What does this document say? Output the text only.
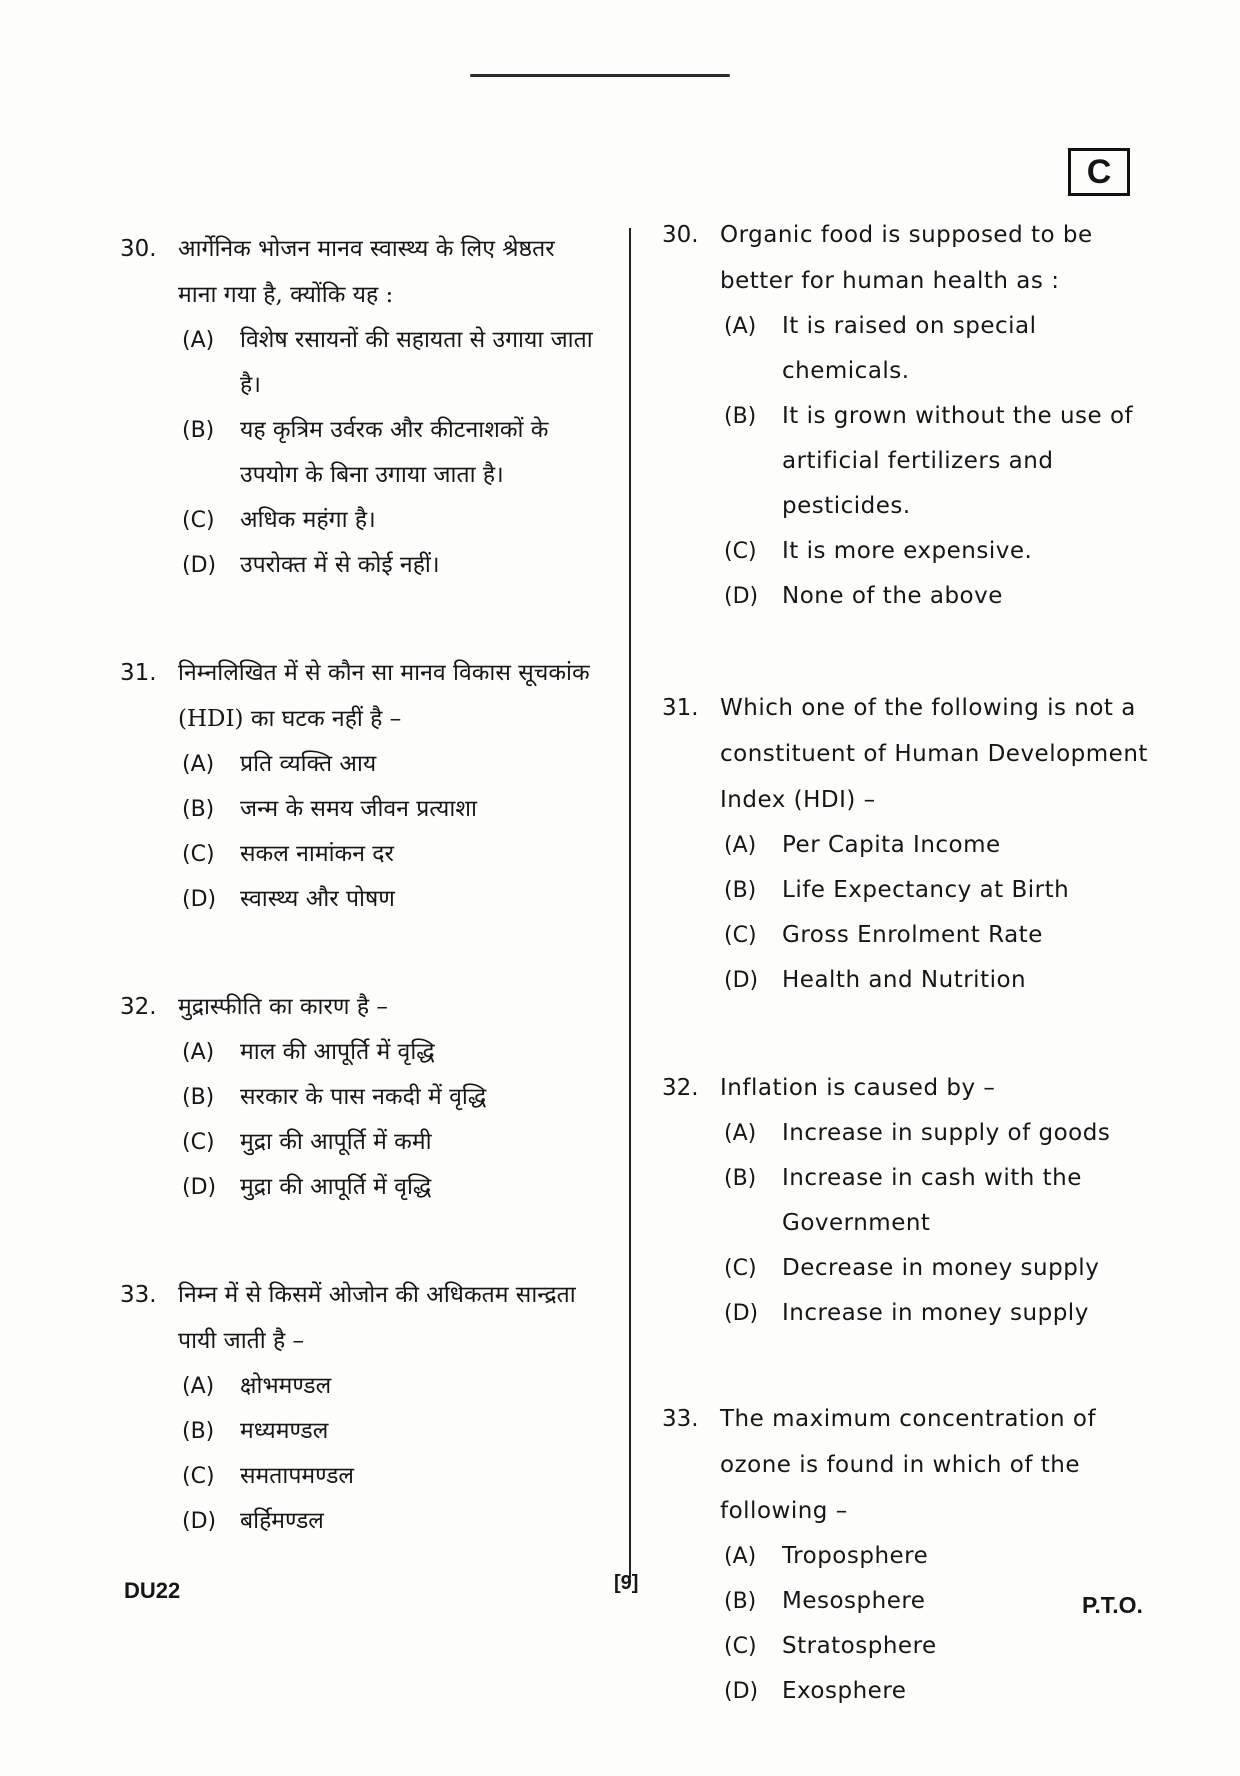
C
30. आर्गेनिक भोजन मानव स्वास्थ्य के लिए श्रेष्ठतर माना गया है, क्योंकि यह :
(A)	विशेष रसायनों की सहायता से उगाया जाता है।
(B)	यह कृत्रिम उर्वरक और कीटनाशकों के उपयोग के बिना उगाया जाता है।
(C)	अधिक महंगा है।
(D)	उपरोक्त में से कोई नहीं।
31. निम्नलिखित में से कौन सा मानव विकास सूचकांक (HDI) का घटक नहीं है –
(A)	प्रति व्यक्ति आय
(B)	जन्म के समय जीवन प्रत्याशा
(C)	सकल नामांकन दर
(D)	स्वास्थ्य और पोषण
32. मुद्रास्फीति का कारण है –
(A)	माल की आपूर्ति में वृद्धि
(B)	सरकार के पास नकदी में वृद्धि
(C)	मुद्रा की आपूर्ति में कमी
(D)	मुद्रा की आपूर्ति में वृद्धि
33. निम्न में से किसमें ओजोन की अधिकतम सान्द्रता पायी जाती है –
(A)	क्षोभमण्डल
(B)	मध्यमण्डल
(C)	समतापमण्डल
(D)	बर्हिमण्डल
30. Organic food is supposed to be better for human health as :
(A)	It is raised on special chemicals.
(B)	It is grown without the use of artificial fertilizers and pesticides.
(C)	It is more expensive.
(D)	None of the above
31. Which one of the following is not a constituent of Human Development Index (HDI) –
(A)	Per Capita Income
(B)	Life Expectancy at Birth
(C)	Gross Enrolment Rate
(D)	Health and Nutrition
32. Inflation is caused by –
(A)	Increase in supply of goods
(B)	Increase in cash with the Government
(C)	Decrease in money supply
(D)	Increase in money supply
33. The maximum concentration of ozone is found in which of the following –
(A)	Troposphere
(B)	Mesosphere
(C)	Stratosphere
(D)	Exosphere
DU22	[9]
P.T.O.
